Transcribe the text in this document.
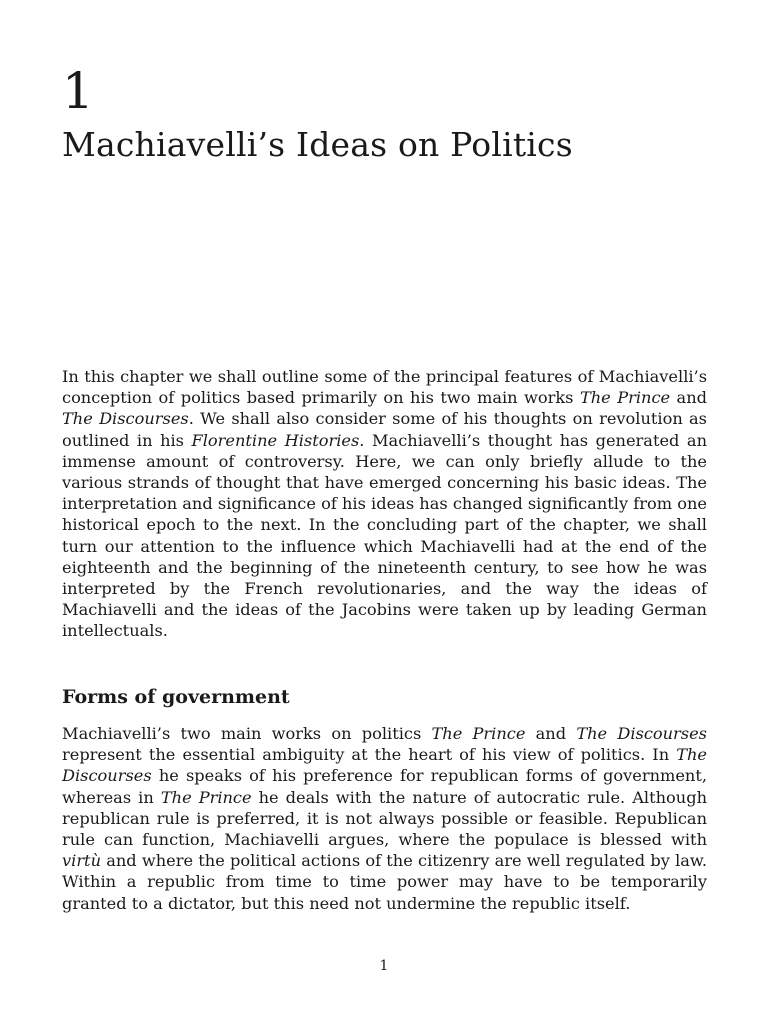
1
Machiavelli’s Ideas on Politics

In this chapter we shall outline some of the principal features of Machiavelli’s conception of politics based primarily on his two main works The Prince and The Discourses. We shall also consider some of his thoughts on revolution as outlined in his Florentine Histories. Machiavelli’s thought has generated an immense amount of controversy. Here, we can only briefly allude to the various strands of thought that have emerged concerning his basic ideas. The interpretation and significance of his ideas has changed significantly from one historical epoch to the next. In the concluding part of the chapter, we shall turn our attention to the influence which Machiavelli had at the end of the eighteenth and the beginning of the nineteenth century, to see how he was interpreted by the French revolutionaries, and the way the ideas of Machiavelli and the ideas of the Jacobins were taken up by leading German intellectuals.

Forms of government

Machiavelli’s two main works on politics The Prince and The Discourses represent the essential ambiguity at the heart of his view of politics. In The Discourses he speaks of his preference for republican forms of government, whereas in The Prince he deals with the nature of autocratic rule. Although republican rule is preferred, it is not always possible or feasible. Republican rule can function, Machiavelli argues, where the populace is blessed with virtù and where the political actions of the citizenry are well regulated by law. Within a republic from time to time power may have to be temporarily granted to a dictator, but this need not undermine the republic itself.

1
